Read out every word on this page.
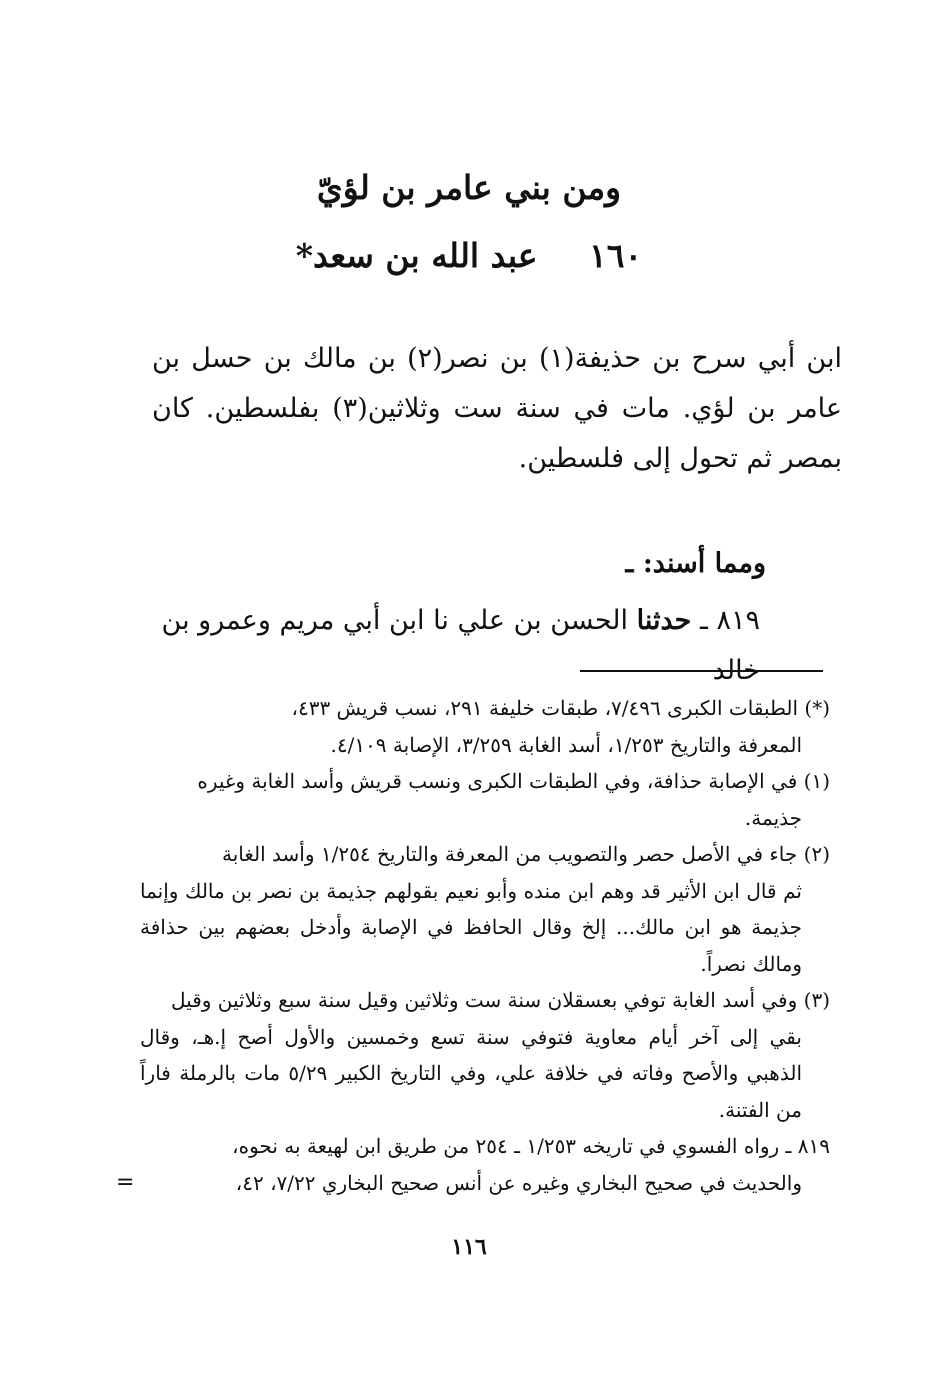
ومن بني عامر بن لؤيّ
١٦٠ عبد الله بن سعد*

ابن أبي سرح بن حذيفة(١) بن نصر(٢) بن مالك بن حسل بن عامر بن لؤي. مات في سنة ست وثلاثين(٣) بفلسطين. كان بمصر ثم تحول إلى فلسطين.

ومما أسند: ـ

٨١٩ ـ حدثنا الحسن بن علي نا ابن أبي مريم وعمرو بن خالد

(*) الطبقات الكبرى ٧/٤٩٦، طبقات خليفة ٢٩١، نسب قريش ٤٣٣،
المعرفة والتاريخ ١/٢٥٣، أسد الغابة ٣/٢٥٩، الإصابة ٤/١٠٩.

(١) في الإصابة حذافة، وفي الطبقات الكبرى ونسب قريش وأسد الغابة وغيره
جذيمة.

(٢) جاء في الأصل حصر والتصويب من المعرفة والتاريخ ١/٢٥٤ وأسد الغابة
ثم قال ابن الأثير قد وهم ابن منده وأبو نعيم بقولهم جذيمة بن نصر بن مالك وإنما جذيمة هو ابن مالك... إلخ وقال الحافظ في الإصابة وأدخل بعضهم بين حذافة ومالك نصراً.

(٣) وفي أسد الغابة توفي بعسقلان سنة ست وثلاثين وقيل سنة سبع وثلاثين وقيل
بقي إلى آخر أيام معاوية فتوفي سنة تسع وخمسين والأول أصح إ.هـ، وقال الذهبي والأصح وفاته في خلافة علي، وفي التاريخ الكبير ٥/٢٩ مات بالرملة فاراً من الفتنة.

٨١٩ ـ رواه الفسوي في تاريخه ١/٢٥٣ ـ ٢٥٤ من طريق ابن لهيعة به نحوه،
والحديث في صحيح البخاري وغيره عن أنس صحيح البخاري ٧/٢٢، ٤٢،

=
١١٦
